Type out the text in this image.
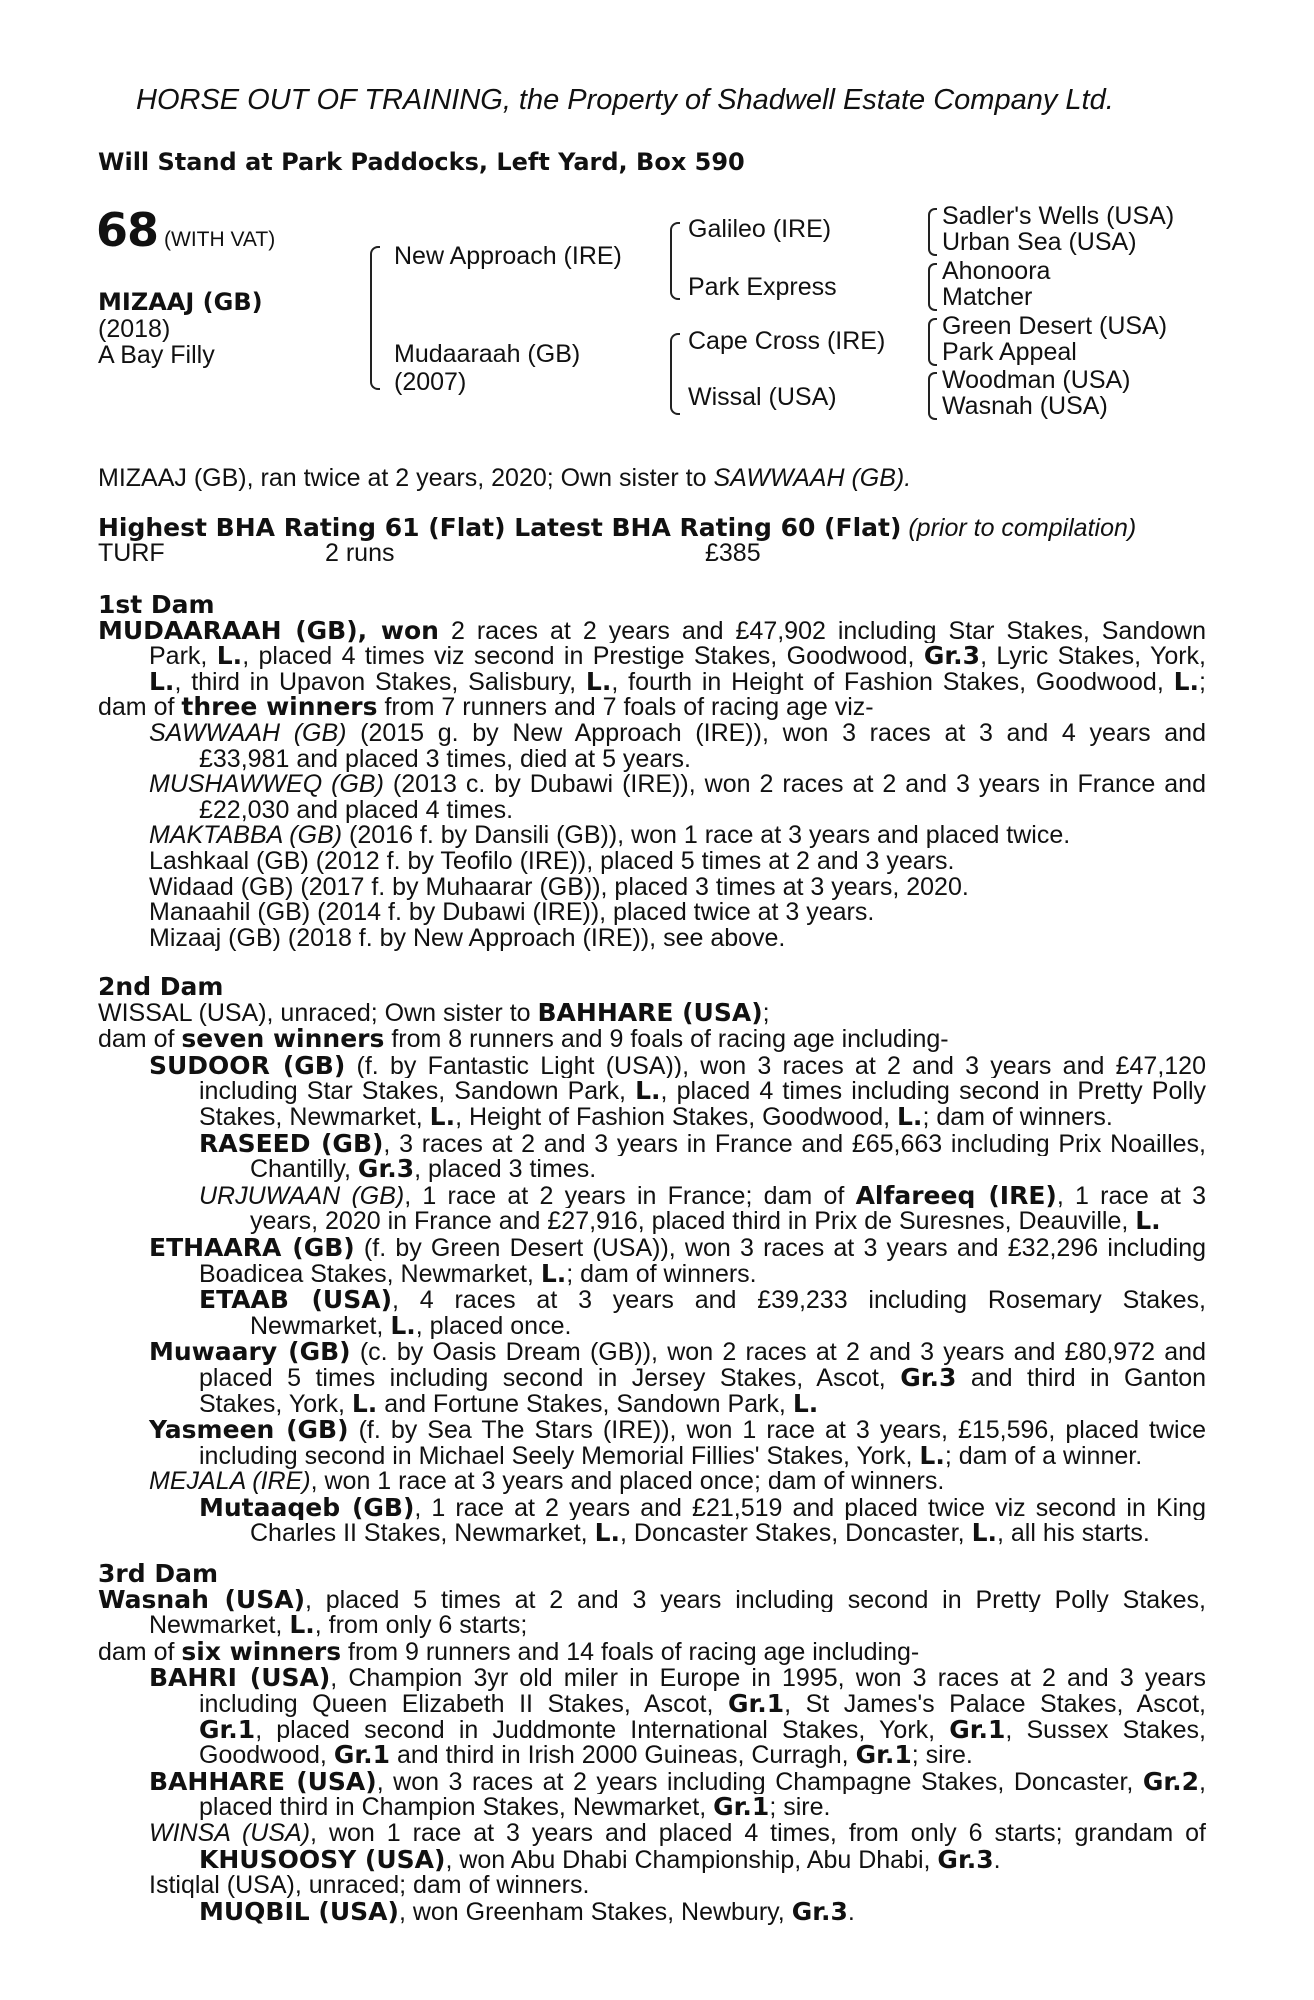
HORSE OUT OF TRAINING, the Property of Shadwell Estate Company Ltd.
Will Stand at Park Paddocks, Left Yard, Box 590
68 (WITH VAT)
MIZAAJ (GB)
(2018)
A Bay Filly
New Approach (IRE)
Mudaaraah (GB)
(2007)
Galileo (IRE)
Park Express
Cape Cross (IRE)
Wissal (USA)
Sadler's Wells (USA)
Urban Sea (USA)
Ahonoora
Matcher
Green Desert (USA)
Park Appeal
Woodman (USA)
Wasnah (USA)
MIZAAJ (GB), ran twice at 2 years, 2020; Own sister to SAWWAAH (GB).
Highest BHA Rating 61 (Flat) Latest BHA Rating 60 (Flat) (prior to compilation)
TURF	2 runs	£385
1st Dam
MUDAARAAH (GB), won 2 races at 2 years and £47,902 including Star Stakes, Sandown
Park, L., placed 4 times viz second in Prestige Stakes, Goodwood, Gr.3, Lyric Stakes, York,
L., third in Upavon Stakes, Salisbury, L., fourth in Height of Fashion Stakes, Goodwood, L.;
dam of three winners from 7 runners and 7 foals of racing age viz-
SAWWAAH (GB) (2015 g. by New Approach (IRE)), won 3 races at 3 and 4 years and
£33,981 and placed 3 times, died at 5 years.
MUSHAWWEQ (GB) (2013 c. by Dubawi (IRE)), won 2 races at 2 and 3 years in France and
£22,030 and placed 4 times.
MAKTABBA (GB) (2016 f. by Dansili (GB)), won 1 race at 3 years and placed twice.
Lashkaal (GB) (2012 f. by Teofilo (IRE)), placed 5 times at 2 and 3 years.
Widaad (GB) (2017 f. by Muhaarar (GB)), placed 3 times at 3 years, 2020.
Manaahil (GB) (2014 f. by Dubawi (IRE)), placed twice at 3 years.
Mizaaj (GB) (2018 f. by New Approach (IRE)), see above.
2nd Dam
WISSAL (USA), unraced; Own sister to BAHHARE (USA);
dam of seven winners from 8 runners and 9 foals of racing age including-
SUDOOR (GB) (f. by Fantastic Light (USA)), won 3 races at 2 and 3 years and £47,120
including Star Stakes, Sandown Park, L., placed 4 times including second in Pretty Polly
Stakes, Newmarket, L., Height of Fashion Stakes, Goodwood, L.; dam of winners.
RASEED (GB), 3 races at 2 and 3 years in France and £65,663 including Prix Noailles,
Chantilly, Gr.3, placed 3 times.
URJUWAAN (GB), 1 race at 2 years in France; dam of Alfareeq (IRE), 1 race at 3
years, 2020 in France and £27,916, placed third in Prix de Suresnes, Deauville, L.
ETHAARA (GB) (f. by Green Desert (USA)), won 3 races at 3 years and £32,296 including
Boadicea Stakes, Newmarket, L.; dam of winners.
ETAAB (USA), 4 races at 3 years and £39,233 including Rosemary Stakes,
Newmarket, L., placed once.
Muwaary (GB) (c. by Oasis Dream (GB)), won 2 races at 2 and 3 years and £80,972 and
placed 5 times including second in Jersey Stakes, Ascot, Gr.3 and third in Ganton
Stakes, York, L. and Fortune Stakes, Sandown Park, L.
Yasmeen (GB) (f. by Sea The Stars (IRE)), won 1 race at 3 years, £15,596, placed twice
including second in Michael Seely Memorial Fillies' Stakes, York, L.; dam of a winner.
MEJALA (IRE), won 1 race at 3 years and placed once; dam of winners.
Mutaaqeb (GB), 1 race at 2 years and £21,519 and placed twice viz second in King
Charles II Stakes, Newmarket, L., Doncaster Stakes, Doncaster, L., all his starts.
3rd Dam
Wasnah (USA), placed 5 times at 2 and 3 years including second in Pretty Polly Stakes,
Newmarket, L., from only 6 starts;
dam of six winners from 9 runners and 14 foals of racing age including-
BAHRI (USA), Champion 3yr old miler in Europe in 1995, won 3 races at 2 and 3 years
including Queen Elizabeth II Stakes, Ascot, Gr.1, St James's Palace Stakes, Ascot,
Gr.1, placed second in Juddmonte International Stakes, York, Gr.1, Sussex Stakes,
Goodwood, Gr.1 and third in Irish 2000 Guineas, Curragh, Gr.1; sire.
BAHHARE (USA), won 3 races at 2 years including Champagne Stakes, Doncaster, Gr.2,
placed third in Champion Stakes, Newmarket, Gr.1; sire.
WINSA (USA), won 1 race at 3 years and placed 4 times, from only 6 starts; grandam of
KHUSOOSY (USA), won Abu Dhabi Championship, Abu Dhabi, Gr.3.
Istiqlal (USA), unraced; dam of winners.
MUQBIL (USA), won Greenham Stakes, Newbury, Gr.3.
